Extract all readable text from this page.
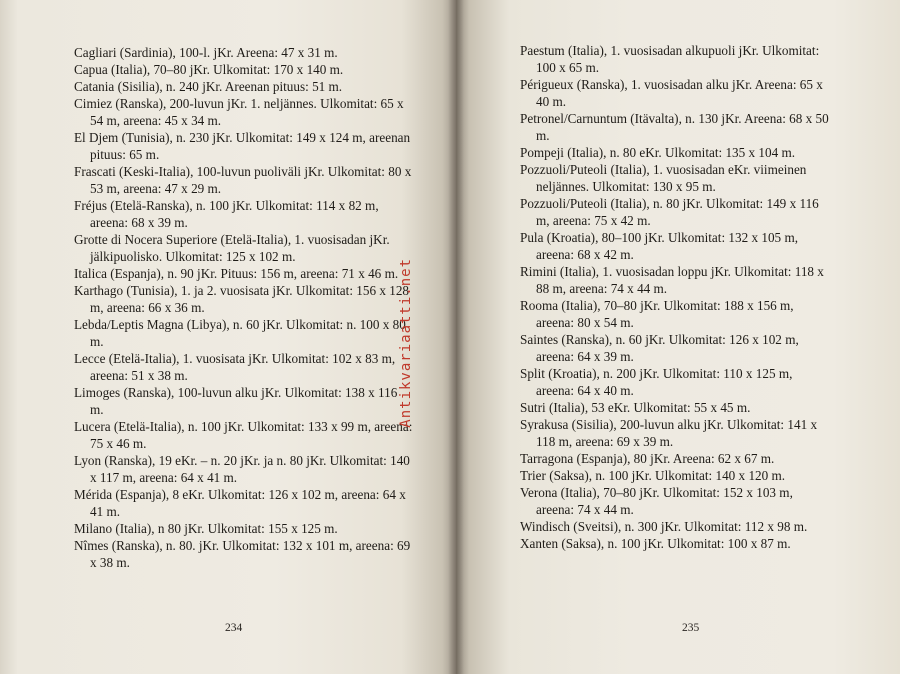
Cagliari (Sardinia), 100-l. jKr. Areena: 47 x 31 m.
Capua (Italia), 70–80 jKr. Ulkomitat: 170 x 140 m.
Catania (Sisilia), n. 240 jKr. Areenan pituus: 51 m.
Cimiez (Ranska), 200-luvun jKr. 1. neljännes. Ulkomitat: 65 x 54 m, areena: 45 x 34 m.
El Djem (Tunisia), n. 230 jKr. Ulkomitat: 149 x 124 m, areenan pituus: 65 m.
Frascati (Keski-Italia), 100-luvun puoliväli jKr. Ulkomitat: 80 x 53 m, areena: 47 x 29 m.
Fréjus (Etelä-Ranska), n. 100 jKr. Ulkomitat: 114 x 82 m, areena: 68 x 39 m.
Grotte di Nocera Superiore (Etelä-Italia), 1. vuosisadan jKr. jälkipuolisko. Ulkomitat: 125 x 102 m.
Italica (Espanja), n. 90 jKr. Pituus: 156 m, areena: 71 x 46 m.
Karthago (Tunisia), 1. ja 2. vuosisata jKr. Ulkomitat: 156 x 128 m, areena: 66 x 36 m.
Lebda/Leptis Magna (Libya), n. 60 jKr. Ulkomitat: n. 100 x 80 m.
Lecce (Etelä-Italia), 1. vuosisata jKr. Ulkomitat: 102 x 83 m, areena: 51 x 38 m.
Limoges (Ranska), 100-luvun alku jKr. Ulkomitat: 138 x 116 m.
Lucera (Etelä-Italia), n. 100 jKr. Ulkomitat: 133 x 99 m, areena: 75 x 46 m.
Lyon (Ranska), 19 eKr. – n. 20 jKr. ja n. 80 jKr. Ulkomitat: 140 x 117 m, areena: 64 x 41 m.
Mérida (Espanja), 8 eKr. Ulkomitat: 126 x 102 m, areena: 64 x 41 m.
Milano (Italia), n 80 jKr. Ulkomitat: 155 x 125 m.
Nîmes (Ranska), n. 80. jKr. Ulkomitat: 132 x 101 m, areena: 69 x 38 m.
234
Paestum (Italia), 1. vuosisadan alkupuoli jKr. Ulkomitat: 100 x 65 m.
Périgueux (Ranska), 1. vuosisadan alku jKr. Areena: 65 x 40 m.
Petronel/Carnuntum (Itävalta), n. 130 jKr. Areena: 68 x 50 m.
Pompeji (Italia), n. 80 eKr. Ulkomitat: 135 x 104 m.
Pozzuoli/Puteoli (Italia), 1. vuosisadan eKr. viimeinen neljännes. Ulkomitat: 130 x 95 m.
Pozzuoli/Puteoli (Italia), n. 80 jKr. Ulkomitat: 149 x 116 m, areena: 75 x 42 m.
Pula (Kroatia), 80–100 jKr. Ulkomitat: 132 x 105 m, areena: 68 x 42 m.
Rimini (Italia), 1. vuosisadan loppu jKr. Ulkomitat: 118 x 88 m, areena: 74 x 44 m.
Rooma (Italia), 70–80 jKr. Ulkomitat: 188 x 156 m, areena: 80 x 54 m.
Saintes (Ranska), n. 60 jKr. Ulkomitat: 126 x 102 m, areena: 64 x 39 m.
Split (Kroatia), n. 200 jKr. Ulkomitat: 110 x 125 m, areena: 64 x 40 m.
Sutri (Italia), 53 eKr. Ulkomitat: 55 x 45 m.
Syrakusa (Sisilia), 200-luvun alku jKr. Ulkomitat: 141 x 118 m, areena: 69 x 39 m.
Tarragona (Espanja), 80 jKr. Areena: 62 x 67 m.
Trier (Saksa), n. 100 jKr. Ulkomitat: 140 x 120 m.
Verona (Italia), 70–80 jKr. Ulkomitat: 152 x 103 m, areena: 74 x 44 m.
Windisch (Sveitsi), n. 300 jKr. Ulkomitat: 112 x 98 m.
Xanten (Saksa), n. 100 jKr. Ulkomitat: 100 x 87 m.
235
Antikvariaatti.net
